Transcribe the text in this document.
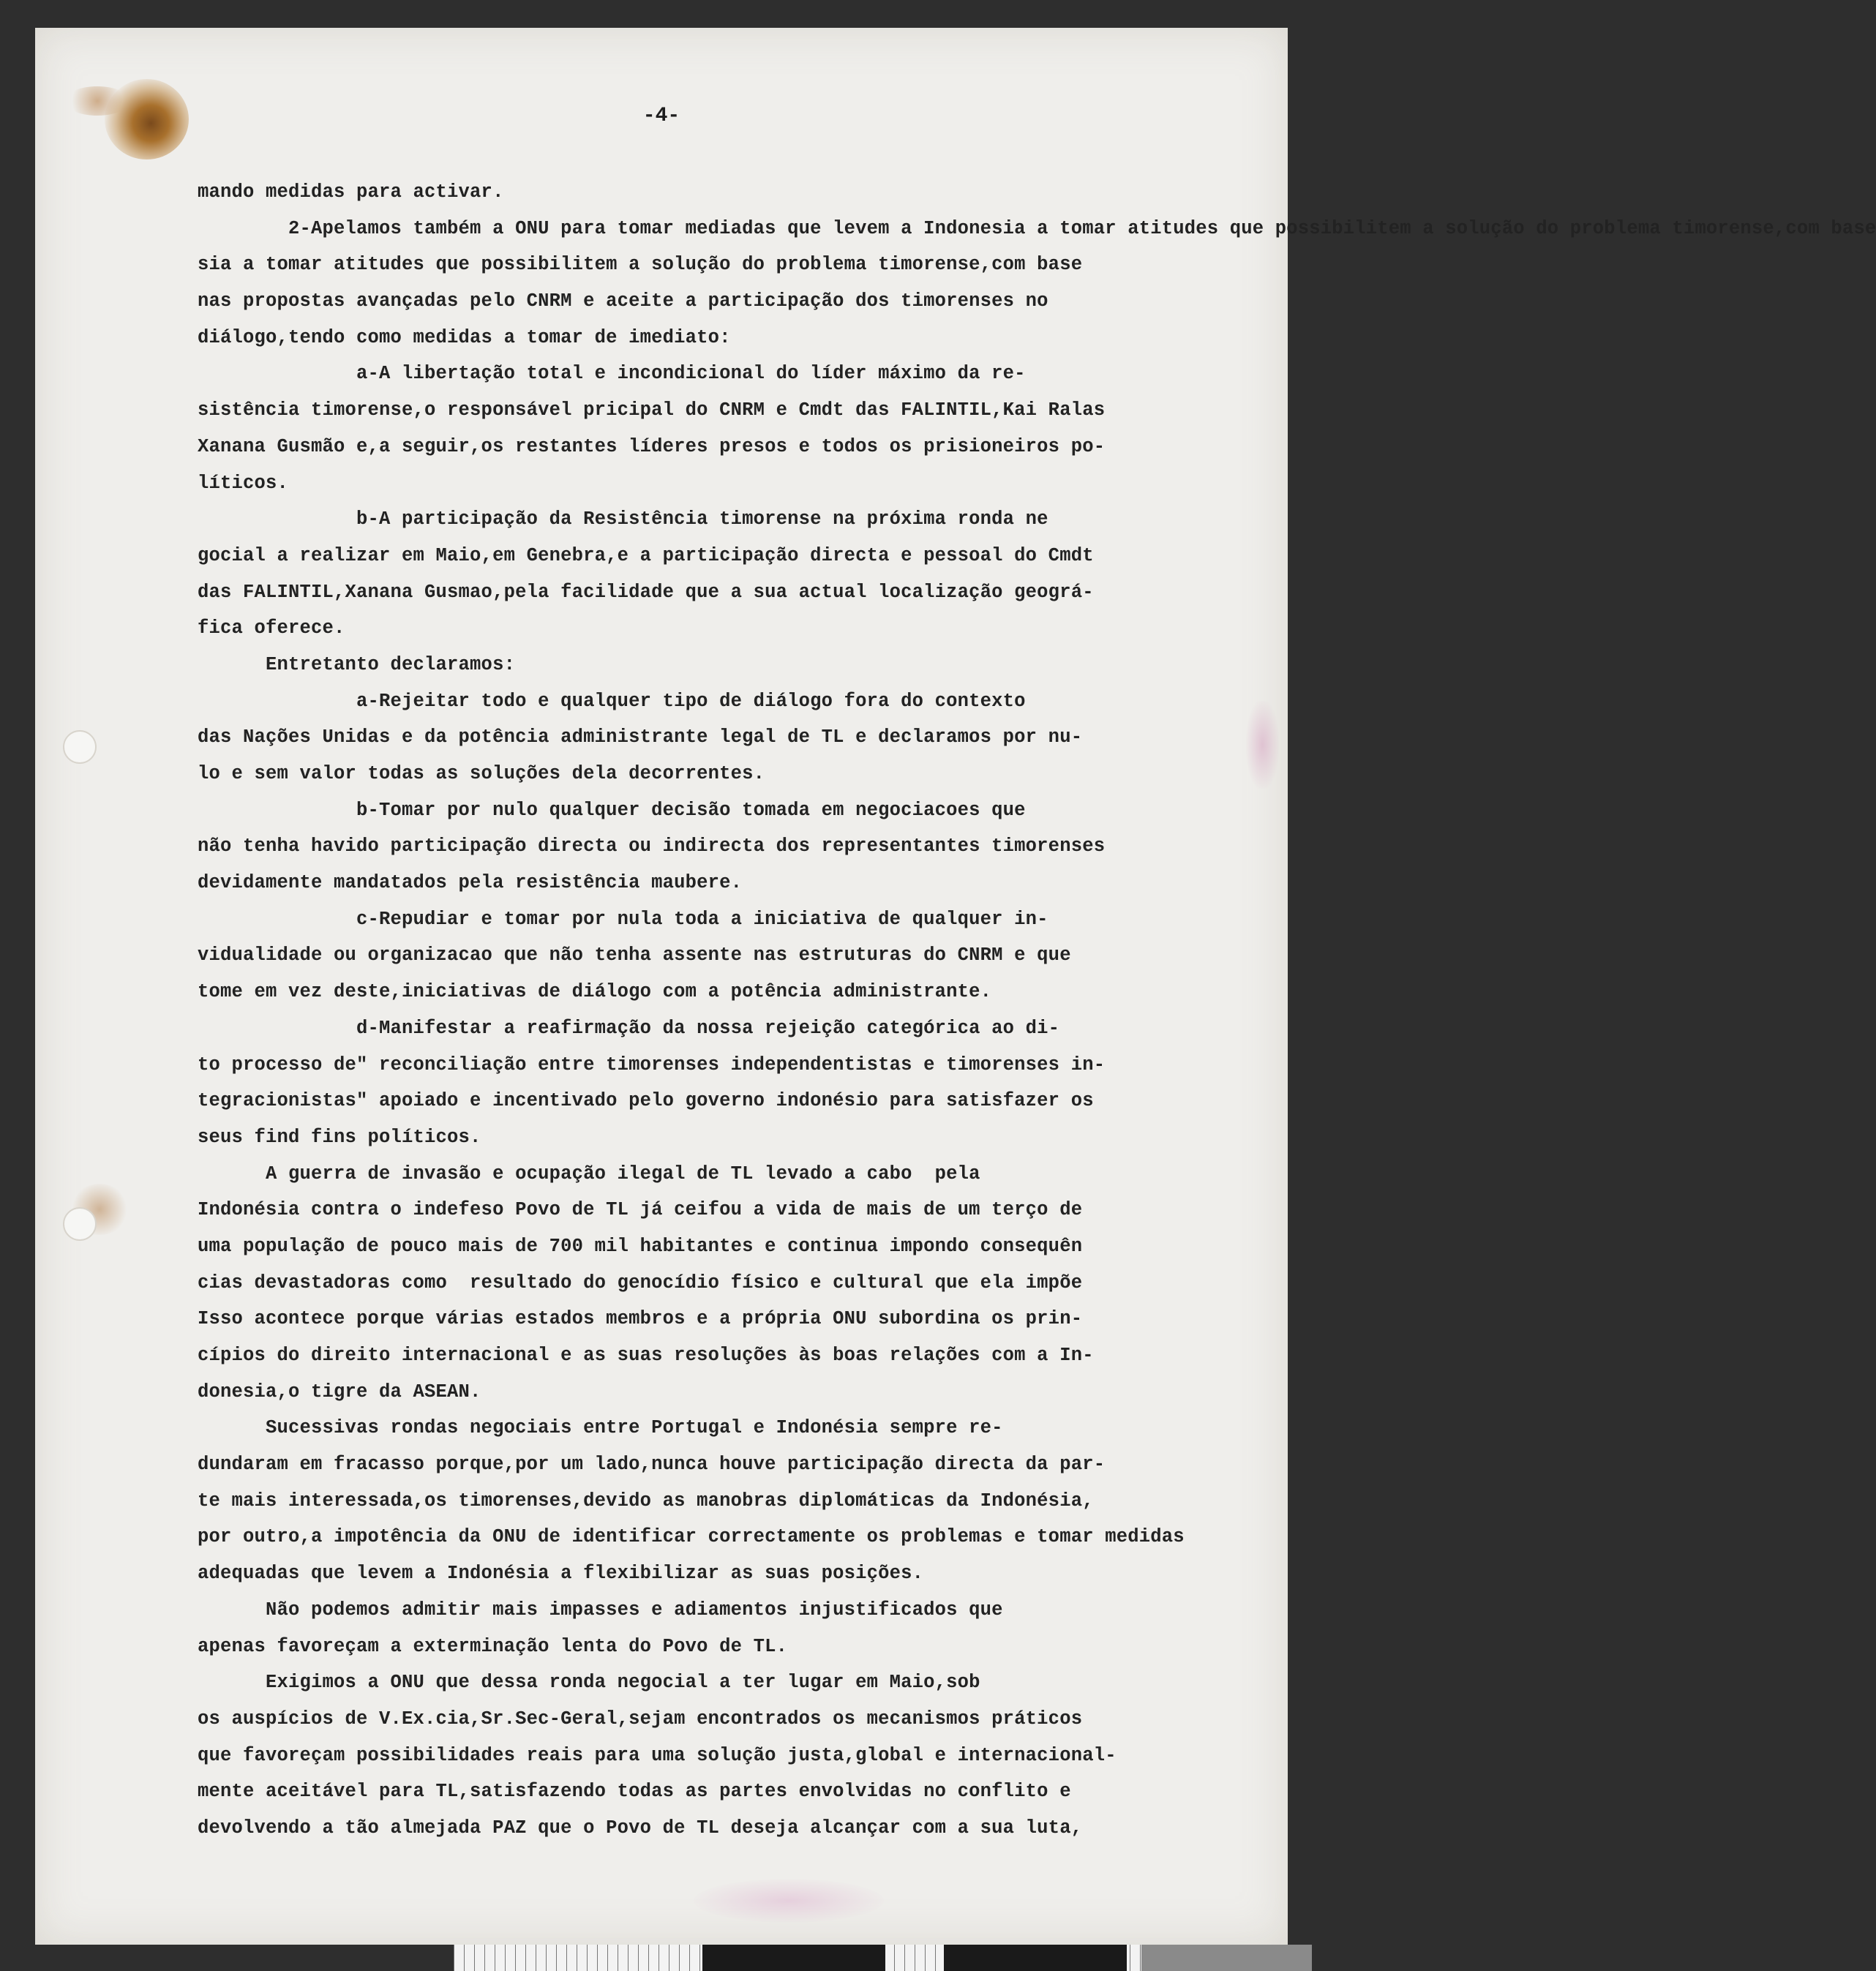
-4-
mando medidas para activar.
2-Apelamos também a ONU para tomar mediadas que levem a Indonesia a tomar atitudes que possibilitem a solução do problema timorense,com base
sia a tomar atitudes que possibilitem a solução do problema timorense,com base
nas propostas avançadas pelo CNRM e aceite a participação dos timorenses no
diálogo,tendo como medidas a tomar de imediato:
a-A libertação total e incondicional do líder máximo da re-
sistência timorense,o responsável pricipal do CNRM e Cmdt das FALINTIL,Kai Ralas
Xanana Gusmão e,a seguir,os restantes líderes presos e todos os prisioneiros po-
líticos.
b-A participação da Resistência timorense na próxima ronda ne
gocial a realizar em Maio,em Genebra,e a participação directa e pessoal do Cmdt
das FALINTIL,Xanana Gusmao,pela facilidade que a sua actual localização geográ-
fica oferece.
Entretanto declaramos:
a-Rejeitar todo e qualquer tipo de diálogo fora do contexto
das Nações Unidas e da potência administrante legal de TL e declaramos por nu-
lo e sem valor todas as soluções dela decorrentes.
b-Tomar por nulo qualquer decisão tomada em negociacoes que
não tenha havido participação directa ou indirecta dos representantes timorenses
devidamente mandatados pela resistência maubere.
c-Repudiar e tomar por nula toda a iniciativa de qualquer in-
vidualidade ou organizacao que não tenha assente nas estruturas do CNRM e que
tome em vez deste,iniciativas de diálogo com a potência administrante.
d-Manifestar a reafirmação da nossa rejeição categórica ao di-
to processo de" reconciliação entre timorenses independentistas e timorenses in-
tegracionistas" apoiado e incentivado pelo governo indonésio para satisfazer os
seus find fins políticos.
A guerra de invasão e ocupação ilegal de TL levado a cabo  pela
Indonésia contra o indefeso Povo de TL já ceifou a vida de mais de um terço de
uma população de pouco mais de 700 mil habitantes e continua impondo consequên
cias devastadoras como  resultado do genocídio físico e cultural que ela impõe
Isso acontece porque várias estados membros e a própria ONU subordina os prin-
cípios do direito internacional e as suas resoluções às boas relações com a In-
donesia,o tigre da ASEAN.
Sucessivas rondas negociais entre Portugal e Indonésia sempre re-
dundaram em fracasso porque,por um lado,nunca houve participação directa da par-
te mais interessada,os timorenses,devido as manobras diplomáticas da Indonésia,
por outro,a impotência da ONU de identificar correctamente os problemas e tomar medidas
adequadas que levem a Indonésia a flexibilizar as suas posições.
Não podemos admitir mais impasses e adiamentos injustificados que
apenas favoreçam a exterminação lenta do Povo de TL.
Exigimos a ONU que dessa ronda negocial a ter lugar em Maio,sob
os auspícios de V.Ex.cia,Sr.Sec-Geral,sejam encontrados os mecanismos práticos
que favoreçam possibilidades reais para uma solução justa,global e internacional-
mente aceitável para TL,satisfazendo todas as partes envolvidas no conflito e
devolvendo a tão almejada PAZ que o Povo de TL deseja alcançar com a sua luta,
